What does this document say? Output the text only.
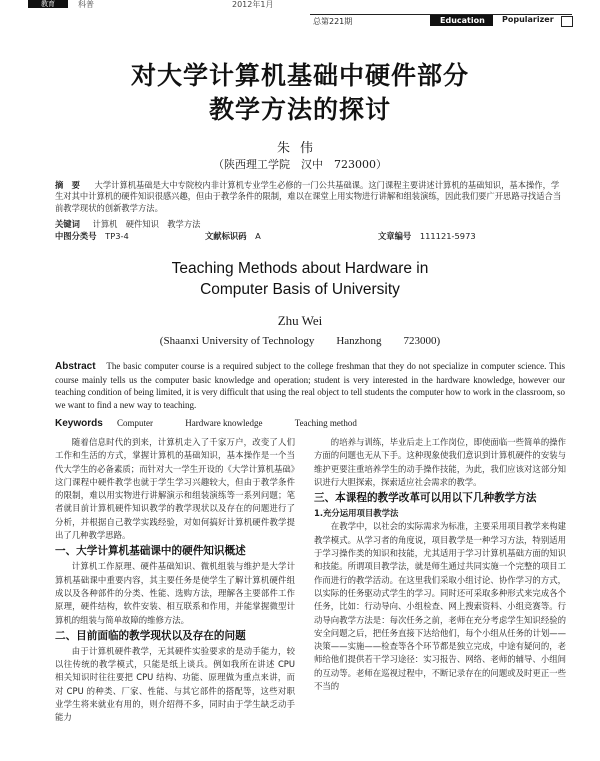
教育	科普	2012年1月
总第221期	Education	Popularizer
对大学计算机基础中硬件部分
教学方法的探讨
朱伟
（陕西理工学院　汉中　723000）
摘　要 大学计算机基础是大中专院校内非计算机专业学生必修的一门公共基础课。这门课程主要讲述计算机的基础知识，基本操作，学生对其中计算机的硬件知识很感兴趣，但由于教学条件的限制，难以在课堂上用实物进行讲解和组装演练，因此我们要广开思路寻找适合当前教学现状的创新教学方法。
关键词 计算机　硬件知识　教学方法
中图分类号 TP3-4	文献标识码 A	文章编号 111121-5973
Teaching Methods about Hardware in
Computer Basis of University
Zhu Wei
(Shaanxi University of Technology　　Hanzhong　　723000)
Abstract The basic computer course is a required subject to the college freshman that they do not specialize in computer science. This course mainly tells us the computer basic knowledge and operation; student is very interested in the hardware knowledge, however our teaching condition of being limited, it is very difficult that using the real object to tell students the computer how to work in the classroom, so we want to find a new way to teaching.
Keywords Computer	Hardware knowledge	Teaching method

随着信息时代的到来，计算机走入了千家万户，改变了人们工作和生活的方式，掌握计算机的基础知识，基本操作是一个当代大学生的必备素质；而针对大一学生开设的《大学计算机基础》这门课程中硬件教学也就于学生学习兴趣较大，但由于教学条件的限制，难以用实物进行讲解演示和组装演练等一系列问题；笔者就目前计算机硬件知识教学的教学现状以及存在的问题进行了分析，并根据自己教学实践经验，对如何搞好计算机硬件教学提出了几种教学思路。

一、大学计算机基础课中的硬件知识概述

计算机工作原理、硬件基础知识、微机组装与维护是大学计算机基础课中重要内容，其主要任务是使学生了解计算机硬件组成以及各种部件的分类、性能、选购方法，理解各主要部件工作原理，硬件结构，软件安装、相互联系和作用，并能掌握微型计算机的组装与简单故障的维修方法。

二、目前面临的教学现状以及存在的问题

由于计算机硬件教学，无其硬件实验要求的是动手能力，较以往传统的教学模式，只能是纸上谈兵。例如我所在讲述 CPU 相关知识时往往要把 CPU 结构、功能、原理做为重点来讲，而对 CPU 的种类、厂家、性能、与其它部件的搭配等，这些对职业学生将来就业有用的，则介绍得不多，同时由于学生缺乏动手能力

的培养与训练，毕业后走上工作岗位，即使面临一些简单的操作方面的问题也无从下手。这种现象使我们意识到计算机硬件的安装与维护更要注重培养学生的动手操作技能，为此，我们应该对这部分知识进行大胆探索，探索适应社会需求的教学。

三、本课程的教学改革可以用以下几种教学方法
1.充分运用项目教学法

在教学中，以社会的实际需求为标准，主要采用项目教学来构建教学模式。从学习者的角度说，项目教学是一种学习方法，特别适用于学习操作类的知识和技能，尤其适用于学习计算机基础方面的知识和技能。所谓项目教学法，就是师生通过共同实施一个完整的项目工作而进行的教学活动。在这里我们采取小组讨论、协作学习的方式，以实际的任务驱动式学生的学习。同时还可采取多种形式来完成各个任务，比如：行动导向、小组检查、网上搜索资料、小组竞赛等。行动导向教学方法是：每次任务之前，老师在充分考虑学生知识经验的安全问题之后，把任务直接下达给他们，每个小组从任务的计划——决策——实施——检查等各个环节都是独立完成，中途有疑问的，老师给他们提供若干学习途径：实习报告、网络、老师的辅导、小组间的互动等。老师在巡视过程中，不断记录存在的问题或及时更正一些不当的
